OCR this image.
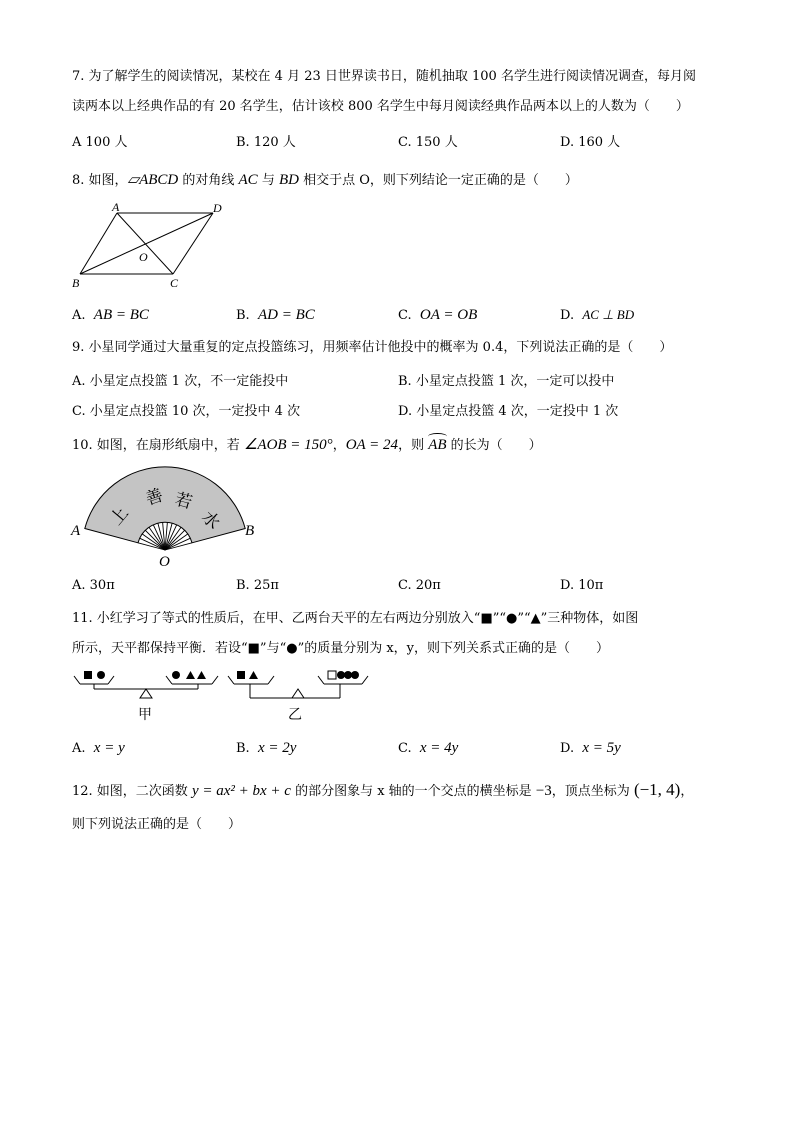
7. 为了解学生的阅读情况，某校在 4 月 23 日世界读书日，随机抽取 100 名学生进行阅读情况调查，每月阅
读两本以上经典作品的有 20 名学生，估计该校 800 名学生中每月阅读经典作品两本以上的人数为（　　）
A 100 人	B. 120 人	C. 150 人	D. 160 人
8. 如图，▱ABCD 的对角线 AC 与 BD 相交于点 O，则下列结论一定正确的是（　　）
A	D
O
B	C
A. AB = BC	B. AD = BC	C. OA = OB	D. AC ⊥ BD
9. 小星同学通过大量重复的定点投篮练习，用频率估计他投中的概率为 0.4，下列说法正确的是（　　）
A. 小星定点投篮 1 次，不一定能投中	B. 小星定点投篮 1 次，一定可以投中
C. 小星定点投篮 10 次，一定投中 4 次	D. 小星定点投篮 4 次，一定投中 1 次
10. 如图，在扇形纸扇中，若 ∠AOB = 150°，OA = 24，则
AB 的长为（　　）
上
善 若
水
A	B
O
A. 30π	B. 25π	C. 20π	D. 10π
11. 小红学习了等式的性质后，在甲、乙两台天平的左右两边分别放入“■”“●”“▲”三种物体，如图
所示，天平都保持平衡．若设“■”与“●”的质量分别为 x，y，则下列关系式正确的是（　　）
甲	乙
A. x = y	B. x = 2y	C. x = 4y	D. x = 5y
12. 如图，二次函数 y = ax² + bx + c 的部分图象与 x 轴的一个交点的横坐标是 −3，顶点坐标为 (−1, 4)，
则下列说法正确的是（　　）
